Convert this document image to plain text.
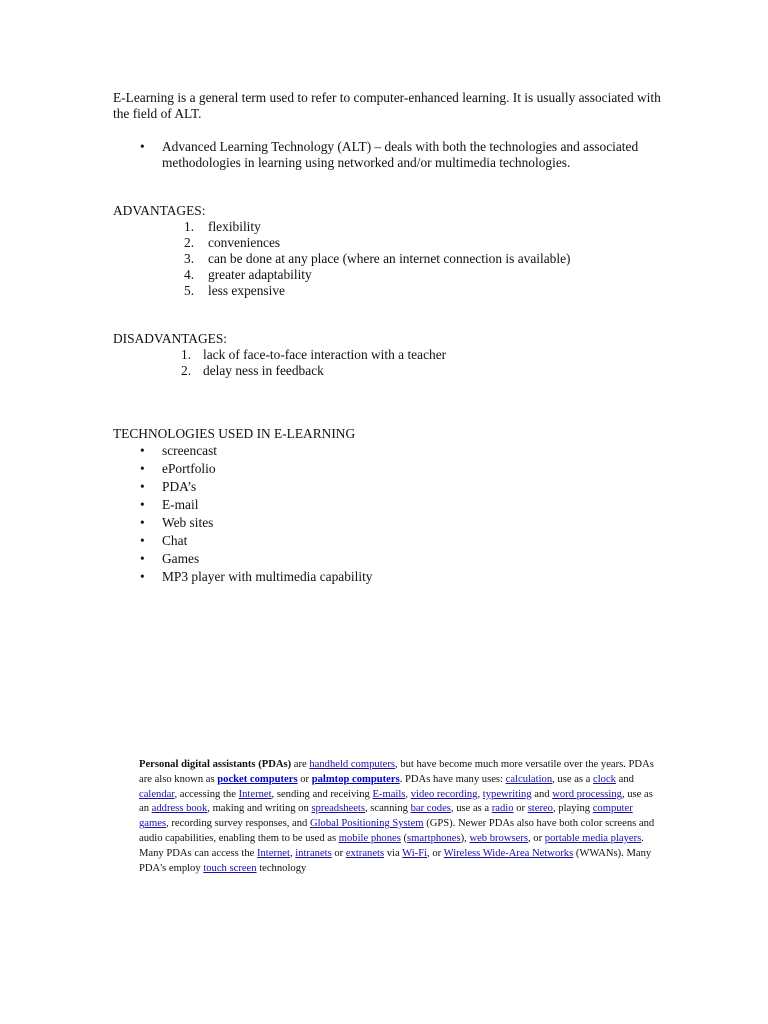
E-Learning is a general term used to refer to computer-enhanced learning. It is usually associated with the field of ALT.
• Advanced Learning Technology (ALT) – deals with both the technologies and associated methodologies in learning using networked and/or multimedia technologies.
ADVANTAGES:
1. flexibility
2. conveniences
3. can be done at any place (where an internet connection is available)
4. greater adaptability
5. less expensive
DISADVANTAGES:
1. lack of face-to-face interaction with a teacher
2. delay ness in feedback
TECHNOLOGIES USED IN E-LEARNING
• screencast
• ePortfolio
• PDA’s
• E-mail
• Web sites
• Chat
• Games
• MP3 player with multimedia capability
Personal digital assistants (PDAs) are handheld computers, but have become much more versatile over the years. PDAs are also known as pocket computers or palmtop computers. PDAs have many uses: calculation, use as a clock and calendar, accessing the Internet, sending and receiving E-mails, video recording, typewriting and word processing, use as an address book, making and writing on spreadsheets, scanning bar codes, use as a radio or stereo, playing computer games, recording survey responses, and Global Positioning System (GPS). Newer PDAs also have both color screens and audio capabilities, enabling them to be used as mobile phones (smartphones), web browsers, or portable media players. Many PDAs can access the Internet, intranets or extranets via Wi-Fi, or Wireless Wide-Area Networks (WWANs). Many PDA's employ touch screen technology
